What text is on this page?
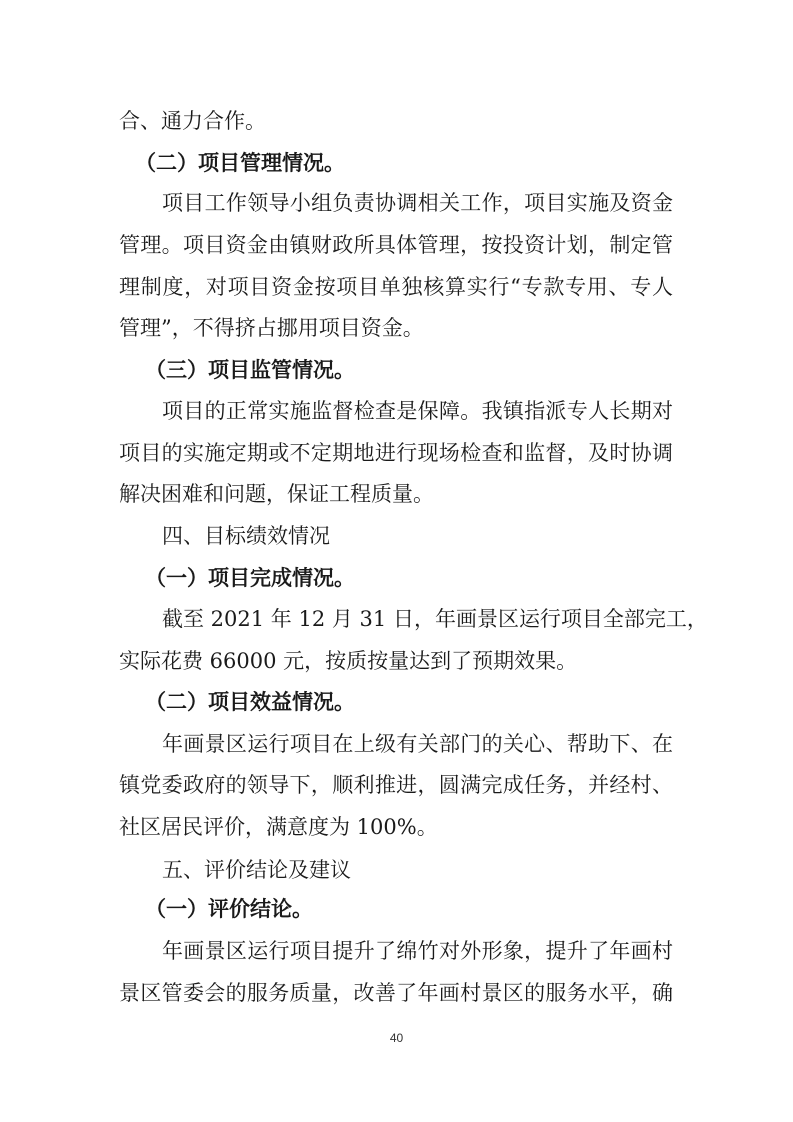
合、通力合作。
（二）项目管理情况。
项目工作领导小组负责协调相关工作，项目实施及资金
管理。项目资金由镇财政所具体管理，按投资计划，制定管
理制度，对项目资金按项目单独核算实行“专款专用、专人
管理”，不得挤占挪用项目资金。
（三）项目监管情况。
项目的正常实施监督检查是保障。我镇指派专人长期对
项目的实施定期或不定期地进行现场检查和监督，及时协调
解决困难和问题，保证工程质量。
四、目标绩效情况
（一）项目完成情况。
截至 2021 年 12 月 31 日，年画景区运行项目全部完工，
实际花费 66000 元，按质按量达到了预期效果。
（二）项目效益情况。
年画景区运行项目在上级有关部门的关心、帮助下、在
镇党委政府的领导下，顺利推进，圆满完成任务，并经村、
社区居民评价，满意度为 100%。
五、评价结论及建议
（一）评价结论。
年画景区运行项目提升了绵竹对外形象，提升了年画村
景区管委会的服务质量，改善了年画村景区的服务水平，确
40
